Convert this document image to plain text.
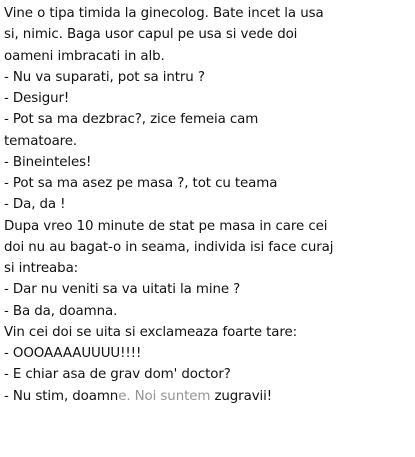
Vine o tipa timida la ginecolog. Bate incet la usa
si, nimic. Baga usor capul pe usa si vede doi
oameni imbracati in alb.
- Nu va suparati, pot sa intru ?
- Desigur!
- Pot sa ma dezbrac?, zice femeia cam
tematoare.
- Bineinteles!
- Pot sa ma asez pe masa ?, tot cu teama
- Da, da !
Dupa vreo 10 minute de stat pe masa in care cei
doi nu au bagat-o in seama, individa isi face curaj
si intreaba:
- Dar nu veniti sa va uitati la mine ?
- Ba da, doamna.
Vin cei doi se uita si exclameaza foarte tare:
- OOOAAAAUUUU!!!!
- E chiar asa de grav dom' doctor?
- Nu stim, doamne. Noi suntem zugravii!
